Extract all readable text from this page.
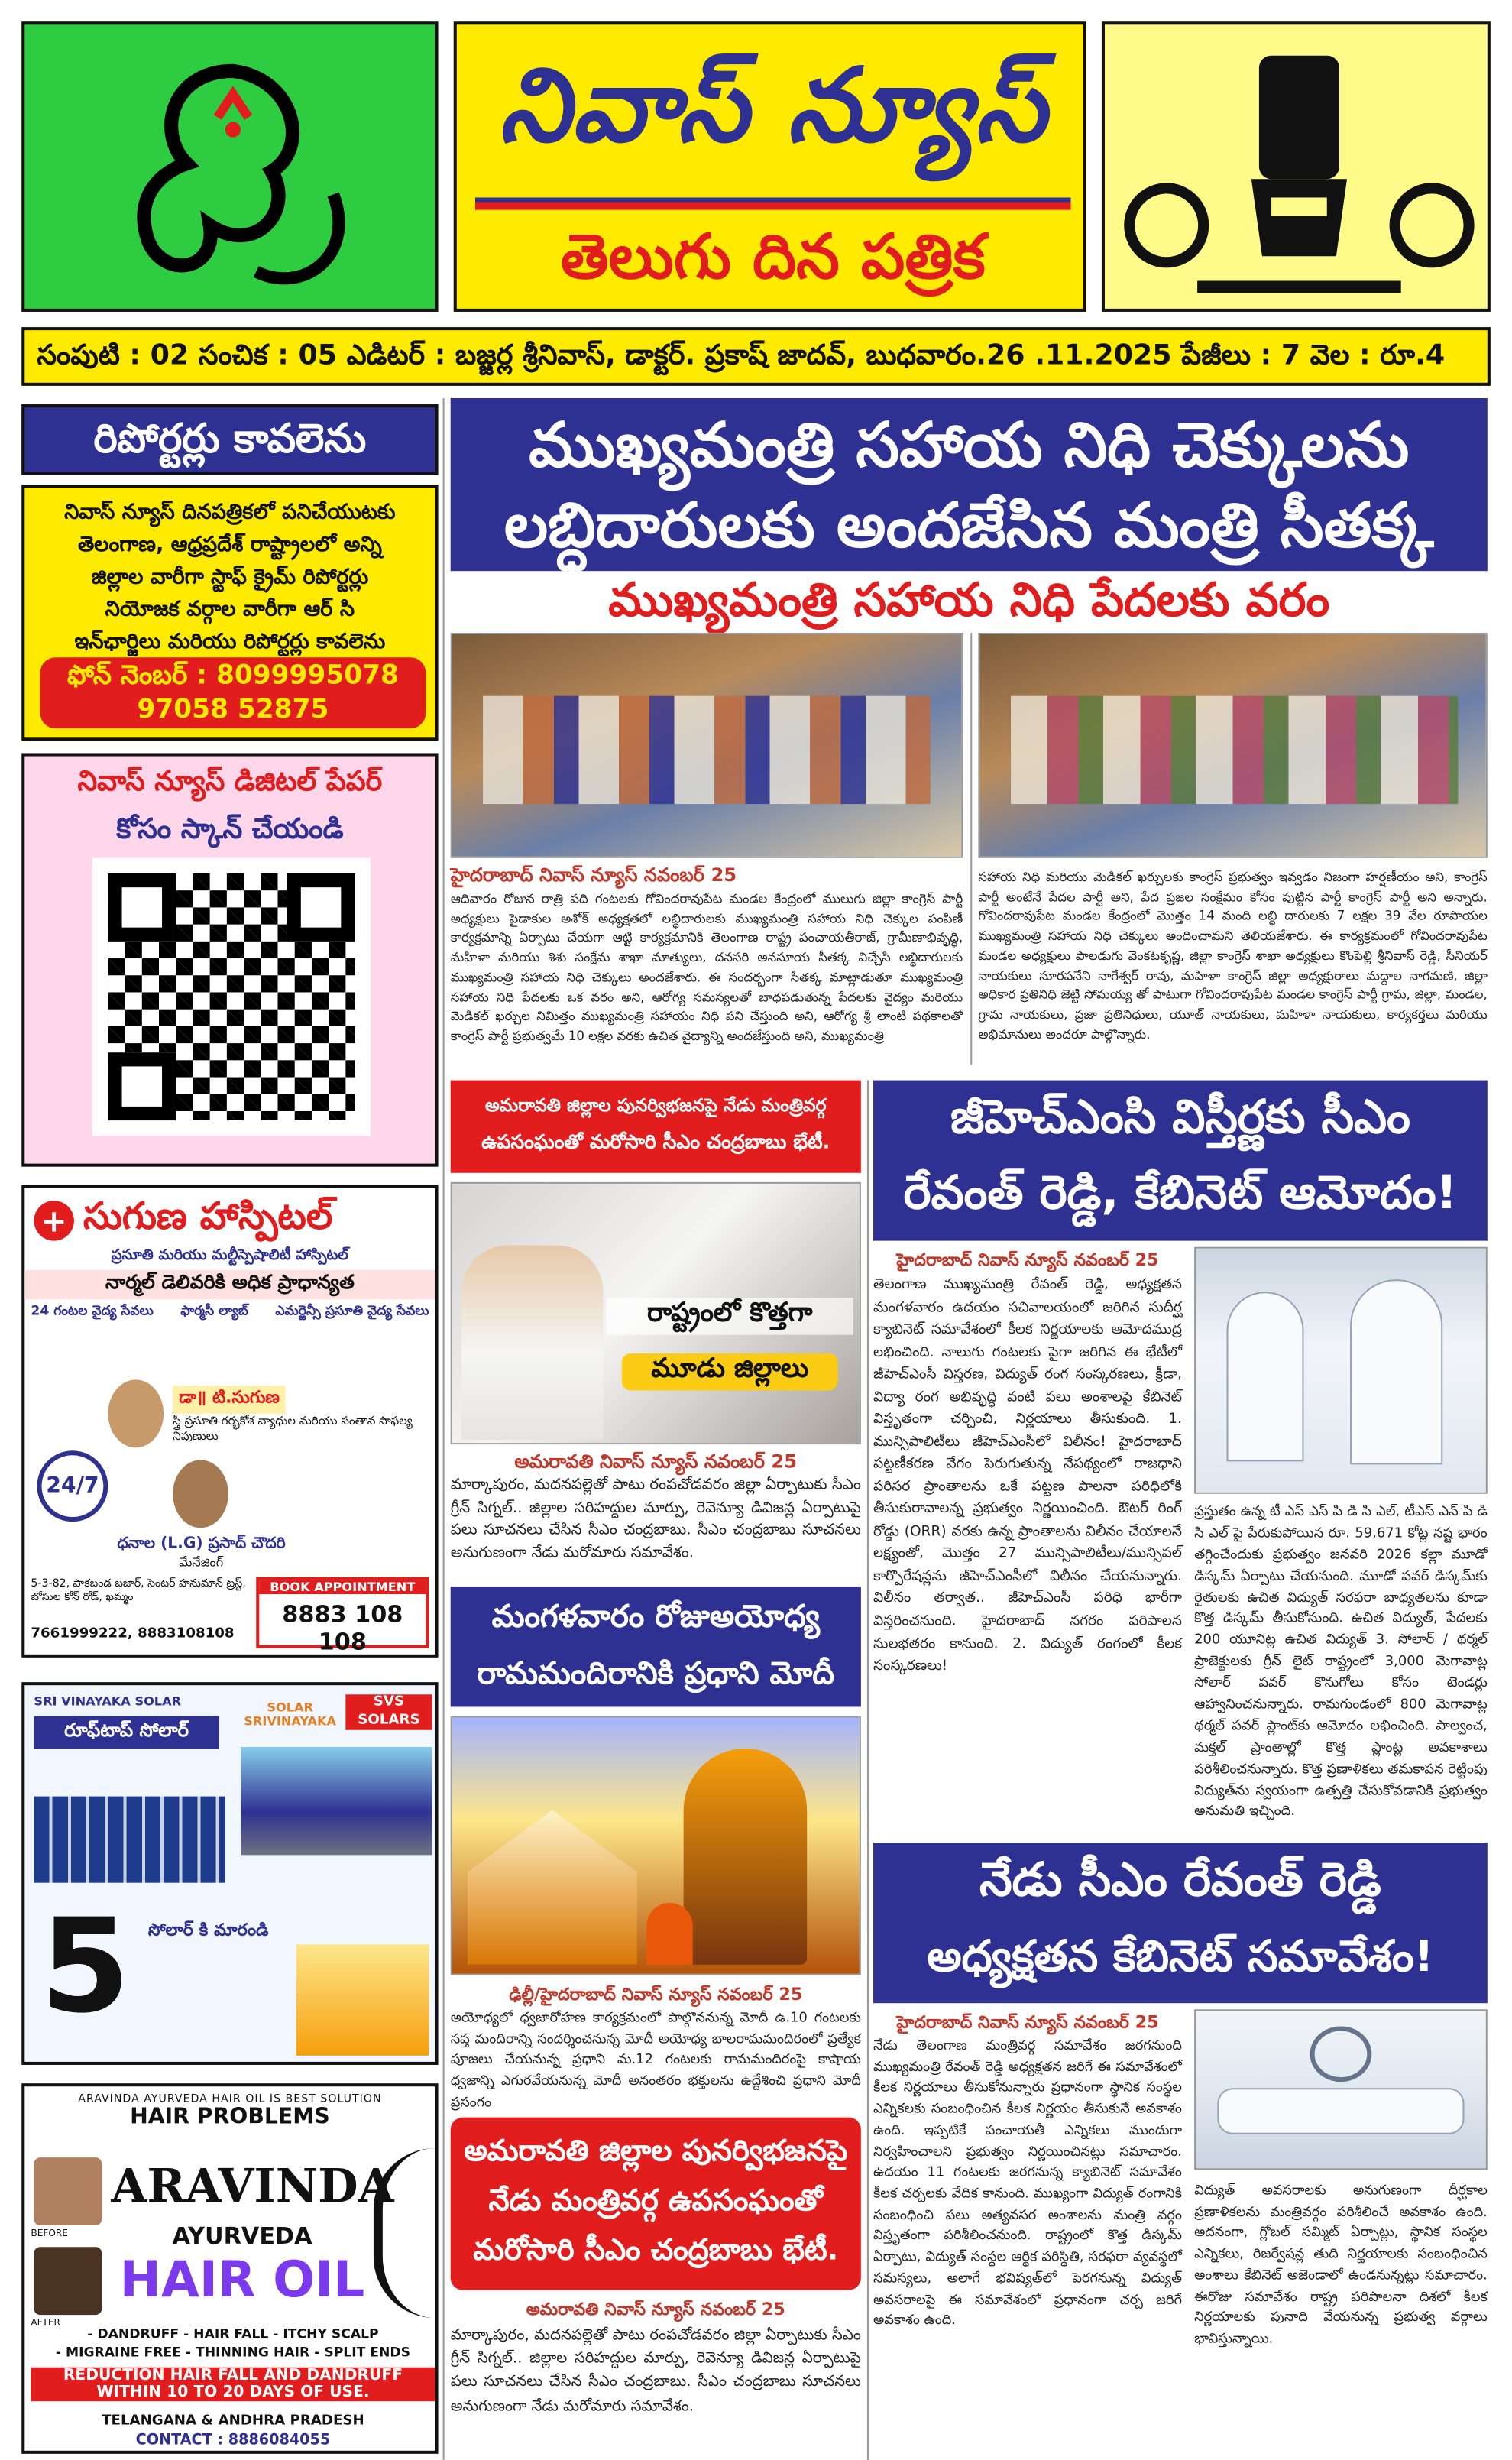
నివాస్ న్యూస్
తెలుగు దిన పత్రిక
సంపుటి : 02 సంచిక : 05 ఎడిటర్ : బజ్జర్ల శ్రీనివాస్, డాక్టర్. ప్రకాష్ జాదవ్, బుధవారం.26 .11.2025 పేజీలు : 7 వెల : రూ.4
రిపోర్టర్లు కావలెను
నివాస్ న్యూస్ దినపత్రికలో పనిచేయుటకు
తెలంగాణ, ఆధ్రప్రదేశ్ రాష్ట్రాలలో అన్ని
జిల్లాల వారీగా స్టాఫ్ క్రైమ్ రిపోర్టర్లు
నియోజక వర్గాల వారీగా ఆర్ సి
ఇన్‌ఛార్జిలు మరియు రిపోర్టర్లు కావలెను
ఫోన్ నెంబర్ : 8099995078
97058 52875
నివాస్ న్యూస్ డిజిటల్ పేపర్
కోసం స్కాన్ చేయండి
+ సుగుణ హాస్పిటల్
ప్రసూతి మరియు మల్టీస్పెషాలిటీ హాస్పిటల్
నార్మల్ డెలివరికి అధిక ప్రాధాన్యత
24 గంటల వైద్య సేవలు	ఫార్మసీ ల్యాబ్	ఎమర్జెన్సీ ప్రసూతి వైద్య సేవలు
24/7
డా॥ టి.సుగుణ
స్త్రీ ప్రసూతి గర్భకోశ వ్యాధుల మరియు సంతాన సాఫల్య నిపుణులు
ధనాల (L.G) ప్రసాద్ చౌదరి
మేనేజింగ్
5-3-82, పాకబండ బజార్, సెంటర్ హనుమాన్ ట్రస్ట్, బోసుల కోన్ రోడ్, ఖమ్మం
7661999222, 8883108108
BOOK APPOINTMENT
8883 108 108
SRI VINAYAKA SOLAR
రూఫ్‌టాప్ సోలార్
SVS SOLARS
SOLAR SRIVINAYAKA
5 సోలార్ కి మారండి
ARAVINDA AYURVEDA HAIR OIL IS BEST SOLUTION
HAIR PROBLEMS
BEFORE
AFTER
ARAVINDA
AYURVEDA
HAIR OIL
- DANDRUFF - HAIR FALL - ITCHY SCALP
- MIGRAINE FREE - THINNING HAIR - SPLIT ENDS
REDUCTION HAIR FALL AND DANDRUFF
WITHIN 10 TO 20 DAYS OF USE.
TELANGANA & ANDHRA PRADESH
CONTACT : 8886084055
ముఖ్యమంత్రి సహాయ నిధి చెక్కులను
లబ్ధిదారులకు అందజేసిన మంత్రి సీతక్క
ముఖ్యమంత్రి సహాయ నిధి పేదలకు వరం
హైదరాబాద్ నివాస్ న్యూస్ నవంబర్ 25
ఆదివారం రోజున రాత్రి పది గంటలకు గోవిందరావుపేట మండల కేంద్రంలో ములుగు జిల్లా కాంగ్రెస్ పార్టీ అధ్యక్షులు పైడాకుల అశోక్ అధ్యక్షతలో లబ్ధిదారులకు ముఖ్యమంత్రి సహాయ నిధి చెక్కుల పంపిణీ కార్యక్రమాన్ని ఏర్పాటు చేయగా ఆట్టి కార్యక్రమానికి తెలంగాణ రాష్ట్ర పంచాయతీరాజ్, గ్రామీణాభివృద్ధి, మహిళా మరియు శిశు సంక్షేమ శాఖా మాత్యులు, దనసరి అనసూయ సీతక్క విచ్చేసి లబ్ధిదారులకు ముఖ్యమంత్రి సహాయ నిధి చెక్కులు అందజేశారు. ఈ సందర్భంగా సీతక్క మాట్లాడుతూ ముఖ్యమంత్రి సహాయ నిధి పేదలకు ఒక వరం అని, ఆరోగ్య సమస్యలతో బాధపడుతున్న పేదలకు వైద్యం మరియు మెడికల్ ఖర్చుల నిమిత్తం ముఖ్యమంత్రి సహాయం నిధి పని చేస్తుంది అని, ఆరోగ్య శ్రీ లాంటి పథకాలతో కాంగ్రెస్ పార్టీ ప్రభుత్వమే 10 లక్షల వరకు ఉచిత వైద్యాన్ని అందజేస్తుంది అని, ముఖ్యమంత్రి
సహాయ నిధి మరియు మెడికల్ ఖర్చులకు కాంగ్రెస్ ప్రభుత్వం ఇవ్వడం నిజంగా హర్షణీయం అని, కాంగ్రెస్ పార్టీ అంటేనే పేదల పార్టీ అని, పేద ప్రజల సంక్షేమం కోసం పుట్టిన పార్టీ కాంగ్రెస్ పార్టీ అని అన్నారు. గోవిందరావుపేట మండల కేంద్రంలో మొత్తం 14 మంది లబ్ధి దారులకు 7 లక్షల 39 వేల రూపాయల ముఖ్యమంత్రి సహాయ నిధి చెక్కులు అందించామని తెలియజేశారు. ఈ కార్యక్రమంలో గోవిందరావుపేట మండల అధ్యక్షులు పాలడుగు వెంకటకృష్ణ, జిల్లా కాంగ్రెస్ శాఖా అధ్యక్షులు కొంపెల్లి శ్రీనివాస్ రెడ్డి, సీనియర్ నాయకులు సూరపనేని నాగేశ్వర్ రావు, మహిళా కాంగ్రెస్ జిల్లా అధ్యక్షురాలు మద్దాల నాగమణి, జిల్లా అధికార ప్రతినిధి జెట్టి సోమయ్య తో పాటుగా గోవిందరావుపేట మండల కాంగ్రెస్ పార్టీ గ్రామ, జిల్లా, మండల, గ్రామ నాయకులు, ప్రజా ప్రతినిధులు, యూత్ నాయకులు, మహిళా నాయకులు, కార్యకర్తలు మరియు అభిమానులు అందరూ పాల్గొన్నారు.
అమరావతి జిల్లాల పునర్విభజనపై నేడు మంత్రివర్గ
ఉపసంఘంతో మరోసారి సీఎం చంద్రబాబు భేటీ.
రాష్ట్రంలో కొత్తగా
మూడు జిల్లాలు
అమరావతి నివాస్ న్యూస్ నవంబర్ 25
మార్కాపురం, మదనపల్లెతో పాటు రంపచోడవరం జిల్లా ఏర్పాటుకు సీఎం గ్రీన్ సిగ్నల్.. జిల్లాల సరిహద్దుల మార్పు, రెవెన్యూ డివిజన్ల ఏర్పాటుపై పలు సూచనలు చేసిన సీఎం చంద్రబాబు. సీఎం చంద్రబాబు సూచనలు అనుగుణంగా నేడు మరోమారు సమావేశం.
జీహెచ్ఎంసి విస్తీర్ణకు సీఎం
రేవంత్ రెడ్డి, కేబినెట్ ఆమోదం!
హైదరాబాద్ నివాస్ న్యూస్ నవంబర్ 25
తెలంగాణ ముఖ్యమంత్రి రేవంత్ రెడ్డి, అధ్యక్షతన మంగళవారం ఉదయం సచివాలయంలో జరిగిన సుదీర్ఘ క్యాబినెట్ సమావేశంలో కీలక నిర్ణయాలకు ఆమోదముద్ర లభించింది. నాలుగు గంటలకు పైగా జరిగిన ఈ భేటీలో జీహెచ్ఎంసీ విస్తరణ, విద్యుత్ రంగ సంస్కరణలు, క్రీడా, విద్యా రంగ అభివృద్ధి వంటి పలు అంశాలపై కేబినెట్ విస్తృతంగా చర్చించి, నిర్ణయాలు తీసుకుంది. 1. మున్సిపాలిటీలు జీహెచ్ఎంసీలో విలీనం! హైదరాబాద్ పట్టణీకరణ వేగం పెరుగుతున్న నేపథ్యంలో రాజధాని పరిసర ప్రాంతాలను ఒకే పట్టణ పాలనా పరిధిలోకి తీసుకురావాలన్న ప్రభుత్వం నిర్ణయించింది. ఔటర్ రింగ్ రోడ్డు (ORR) వరకు ఉన్న ప్రాంతాలను విలీనం చేయాలనే లక్ష్యంతో, మొత్తం 27 మున్సిపాలిటీలు/మున్సిపల్ కార్పొరేషన్లను జీహెచ్ఎంసీలో విలీనం చేయనున్నారు. విలీనం తర్వాత.. జీహెచ్ఎంసీ పరిధి భారీగా విస్తరించనుంది. హైదరాబాద్ నగరం పరిపాలన సులభతరం కానుంది. 2. విద్యుత్ రంగంలో కీలక సంస్కరణలు!
ప్రస్తుతం ఉన్న టీ ఎస్ ఎస్ పి డి సి ఎల్, టీఎస్ ఎన్ పి డి సి ఎల్ పై పేరుకుపోయిన రూ. 59,671 కోట్ల నష్ట భారం తగ్గించేందుకు ప్రభుత్వం జనవరి 2026 కల్లా మూడో డిస్కమ్ ఏర్పాటు చేయనుంది. మూడో పవర్ డిస్కమ్‌కు రైతులకు ఉచిత విద్యుత్ సరఫరా బాధ్యతలను కూడా కొత్త డిస్కమ్ తీసుకోనుంది. ఉచిత విద్యుత్, పేదలకు 200 యూనిట్ల ఉచిత విద్యుత్ 3. సోలార్ / థర్మల్ ప్రాజెక్టులకు గ్రీన్ లైట్ రాష్ట్రంలో 3,000 మెగావాట్ల సోలార్ పవర్ కొనుగోలు కోసం టెండర్లు ఆహ్వానించనున్నారు. రామగుండంలో 800 మెగావాట్ల థర్మల్ పవర్ ప్లాంట్‌కు ఆమోదం లభించింది. పాల్వంచ, మక్తల్ ప్రాంతాల్లో కొత్త ప్లాంట్ల అవకాశాలు పరిశీలించనున్నారు. కొత్త ప్రణాళికలు తమకాపన రెట్టింపు విద్యుత్‌ను స్వయంగా ఉత్పత్తి చేసుకోవడానికి ప్రభుత్వం అనుమతి ఇచ్చింది.
మంగళవారం రోజుఅయోధ్య
రామమందిరానికి ప్రధాని మోదీ
ఢిల్లీ/హైదరాబాద్ నివాస్ న్యూస్ నవంబర్ 25
అయోధ్యలో ధ్వజారోహణ కార్యక్రమంలో పాల్గొననున్న మోదీ ఉ.10 గంటలకు సప్త మందిరాన్ని సందర్శించనున్న మోదీ అయోధ్య బాలరామమందిరంలో ప్రత్యేక పూజలు చేయనున్న ప్రధాని మ.12 గంటలకు రామమందిరంపై కాషాయ ధ్వజాన్ని ఎగురవేయనున్న మోదీ అనంతరం భక్తులను ఉద్దేశించి ప్రధాని మోదీ ప్రసంగం
నేడు సీఎం రేవంత్ రెడ్డి
అధ్యక్షతన కేబినెట్ సమావేశం!
హైదరాబాద్ నివాస్ న్యూస్ నవంబర్ 25
నేడు తెలంగాణ మంత్రివర్గ సమావేశం జరగనుంది ముఖ్యమంత్రి రేవంత్ రెడ్డి అధ్యక్షతన జరిగే ఈ సమావేశంలో కీలక నిర్ణయాలు తీసుకోనున్నారు ప్రధానంగా స్థానిక సంస్థల ఎన్నికలకు సంబంధించిన కీలక నిర్ణయం తీసుకునే అవకాశం ఉంది. ఇప్పటికే పంచాయతీ ఎన్నికలు ముందుగా నిర్వహించాలని ప్రభుత్వం నిర్ణయించినట్లు సమాచారం. ఉదయం 11 గంటలకు జరగనున్న క్యాబినెట్ సమావేశం కీలక చర్చలకు వేదిక కానుంది. ముఖ్యంగా విద్యుత్ రంగానికి సంబంధించి పలు అత్యవసర అంశాలను మంత్రి వర్గం విస్తృతంగా పరిశీలించనుంది. రాష్ట్రంలో కొత్త డిస్కమ్ ఏర్పాటు, విద్యుత్ సంస్థల ఆర్థిక పరిస్థితి, సరఫరా వ్యవస్థలో సమస్యలు, అలాగే భవిష్యత్‌లో పెరగనున్న విద్యుత్ అవసరాలపై ఈ సమావేశంలో ప్రధానంగా చర్చ జరిగే అవకాశం ఉంది.
విద్యుత్ అవసరాలకు అనుగుణంగా దీర్ఘకాల ప్రణాళికలను మంత్రివర్గం పరిశీలించే అవకాశం ఉంది. అదనంగా, గ్లోబల్ సమ్మిట్ ఏర్పాట్లు, స్థానిక సంస్థల ఎన్నికలు, రిజర్వేషన్ల తుది నిర్ణయాలకు సంబంధించిన అంశాలు కేబినెట్ అజెండాలో ఉండనున్నట్లు సమాచారం. ఈరోజు సమావేశం రాష్ట్ర పరిపాలనా దిశలో కీలక నిర్ణయాలకు పునాది వేయనున్న ప్రభుత్వ వర్గాలు భావిస్తున్నాయి.
అమరావతి జిల్లాల పునర్విభజనపై
నేడు మంత్రివర్గ ఉపసంఘంతో
మరోసారి సీఎం చంద్రబాబు భేటీ.
అమరావతి నివాస్ న్యూస్ నవంబర్ 25
మార్కాపురం, మదనపల్లెతో పాటు రంపచోడవరం జిల్లా ఏర్పాటుకు సీఎం గ్రీన్ సిగ్నల్.. జిల్లాల సరిహద్దుల మార్పు, రెవెన్యూ డివిజన్ల ఏర్పాటుపై పలు సూచనలు చేసిన సీఎం చంద్రబాబు. సీఎం చంద్రబాబు సూచనలు అనుగుణంగా నేడు మరోమారు సమావేశం.
